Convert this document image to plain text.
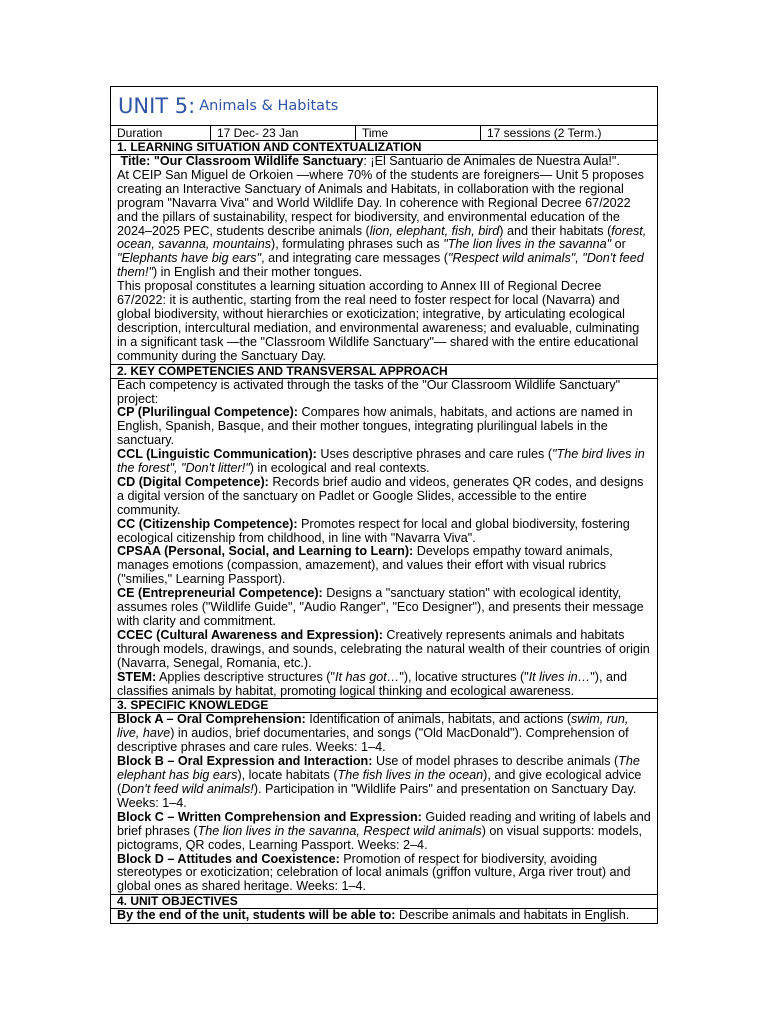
UNIT 5: Animals & Habitats
Duration	17 Dec- 23 Jan	Time	17 sessions (2 Term.)
1. LEARNING SITUATION AND CONTEXTUALIZATION

Title: "Our Classroom Wildlife Sanctuary: ¡El Santuario de Animales de Nuestra Aula!".

At CEIP San Miguel de Orkoien —where 70% of the students are foreigners— Unit 5 proposes creating an Interactive Sanctuary of Animals and Habitats, in collaboration with the regional program "Navarra Viva" and World Wildlife Day. In coherence with Regional Decree 67/2022 and the pillars of sustainability, respect for biodiversity, and environmental education of the 2024–2025 PEC, students describe animals (lion, elephant, fish, bird) and their habitats (forest, ocean, savanna, mountains), formulating phrases such as "The lion lives in the savanna" or "Elephants have big ears", and integrating care messages ("Respect wild animals", "Don't feed them!") in English and their mother tongues.

This proposal constitutes a learning situation according to Annex III of Regional Decree 67/2022: it is authentic, starting from the real need to foster respect for local (Navarra) and global biodiversity, without hierarchies or exoticization; integrative, by articulating ecological description, intercultural mediation, and environmental awareness; and evaluable, culminating in a significant task —the "Classroom Wildlife Sanctuary"— shared with the entire educational community during the Sanctuary Day.

2. KEY COMPETENCIES AND TRANSVERSAL APPROACH

Each competency is activated through the tasks of the "Our Classroom Wildlife Sanctuary" project:

CP (Plurilingual Competence): Compares how animals, habitats, and actions are named in English, Spanish, Basque, and their mother tongues, integrating plurilingual labels in the sanctuary.

CCL (Linguistic Communication): Uses descriptive phrases and care rules ("The bird lives in the forest", "Don't litter!") in ecological and real contexts.

CD (Digital Competence): Records brief audio and videos, generates QR codes, and designs a digital version of the sanctuary on Padlet or Google Slides, accessible to the entire community.

CC (Citizenship Competence): Promotes respect for local and global biodiversity, fostering ecological citizenship from childhood, in line with "Navarra Viva".

CPSAA (Personal, Social, and Learning to Learn): Develops empathy toward animals, manages emotions (compassion, amazement), and values their effort with visual rubrics ("smilies," Learning Passport).

CE (Entrepreneurial Competence): Designs a "sanctuary station" with ecological identity, assumes roles ("Wildlife Guide", "Audio Ranger", "Eco Designer"), and presents their message with clarity and commitment.

CCEC (Cultural Awareness and Expression): Creatively represents animals and habitats through models, drawings, and sounds, celebrating the natural wealth of their countries of origin (Navarra, Senegal, Romania, etc.).

STEM: Applies descriptive structures ("It has got…"), locative structures ("It lives in…"), and classifies animals by habitat, promoting logical thinking and ecological awareness.

3. SPECIFIC KNOWLEDGE

Block A – Oral Comprehension: Identification of animals, habitats, and actions (swim, run, live, have) in audios, brief documentaries, and songs ("Old MacDonald"). Comprehension of descriptive phrases and care rules. Weeks: 1–4.

Block B – Oral Expression and Interaction: Use of model phrases to describe animals (The elephant has big ears), locate habitats (The fish lives in the ocean), and give ecological advice (Don't feed wild animals!). Participation in "Wildlife Pairs" and presentation on Sanctuary Day. Weeks: 1–4.

Block C – Written Comprehension and Expression: Guided reading and writing of labels and brief phrases (The lion lives in the savanna, Respect wild animals) on visual supports: models, pictograms, QR codes, Learning Passport. Weeks: 2–4.

Block D – Attitudes and Coexistence: Promotion of respect for biodiversity, avoiding stereotypes or exoticization; celebration of local animals (griffon vulture, Arga river trout) and global ones as shared heritage. Weeks: 1–4.

4. UNIT OBJECTIVES

By the end of the unit, students will be able to: Describe animals and habitats in English.
